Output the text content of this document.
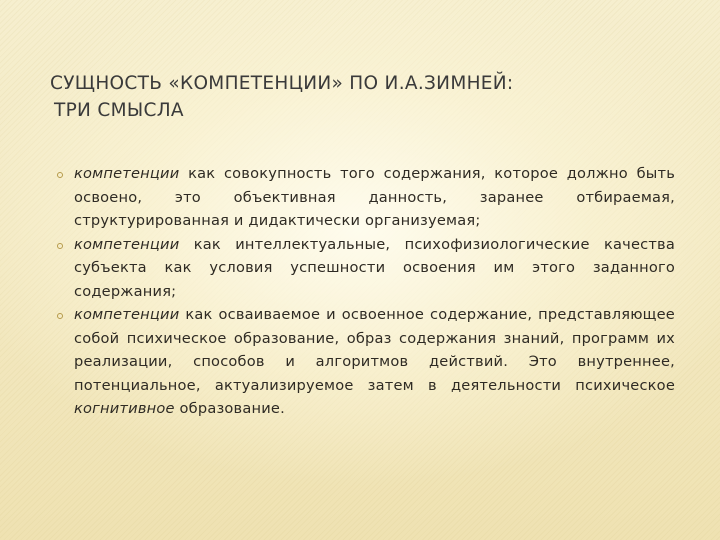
СУЩНОСТЬ «КОМПЕТЕНЦИИ» ПО И.А.ЗИМНЕЙ:
ТРИ СМЫСЛА
компетенции как совокупность того содержания, которое должно быть освоено, это объективная данность, заранее отбираемая, структурированная и дидактически организуемая;
компетенции как интеллектуальные, психофизиологические качества субъекта как условия успешности освоения им этого заданного содержания;
компетенции как осваиваемое и освоенное содержание, представляющее собой психическое образование, образ содержания знаний, программ их реализации, способов и алгоритмов действий. Это внутреннее, потенциальное, актуализируемое затем в деятельности психическое когнитивное образование.
